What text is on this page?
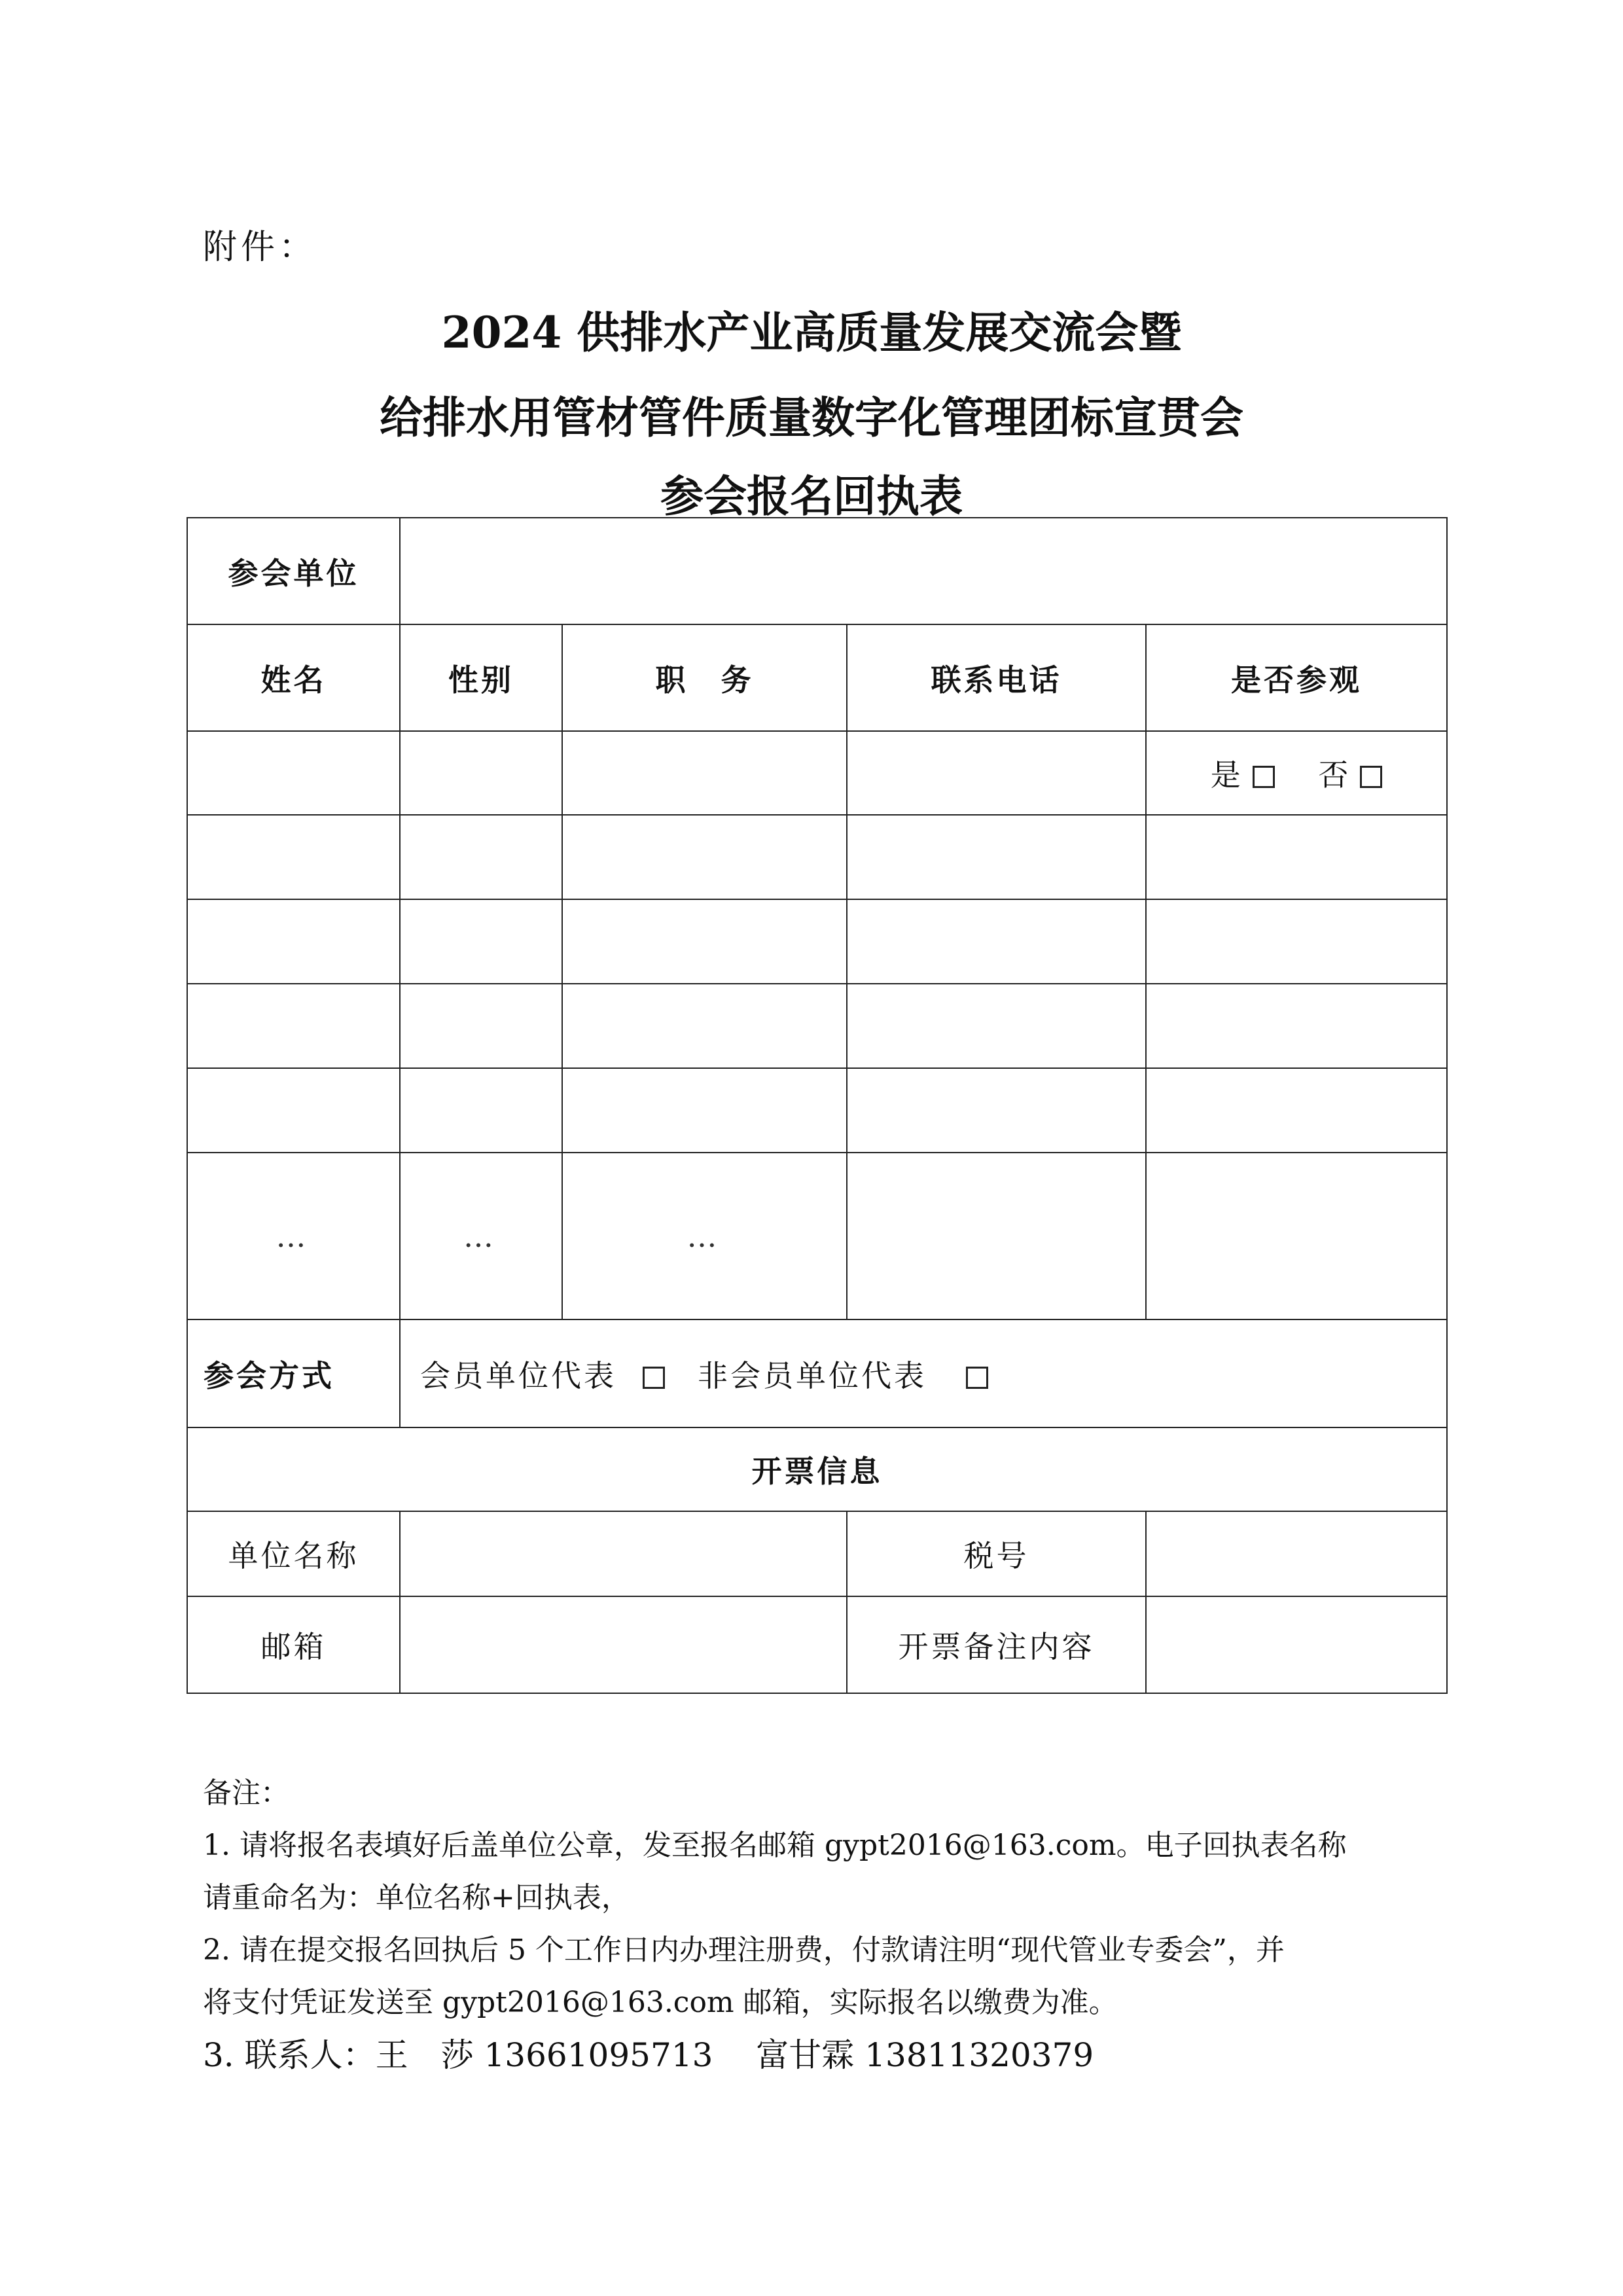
附件：
2024 供排水产业高质量发展交流会暨
给排水用管材管件质量数字化管理团标宣贯会
参会报名回执表
参会单位				
姓名	性别	职　务	联系电话	是否参观
				是 否

…	…	…		
参会方式	会员单位代表 非会员单位代表			
开票信息				
单位名称			税号	
邮箱			开票备注内容	
备注：
1. 请将报名表填好后盖单位公章，发至报名邮箱 gypt2016@163.com。电子回执表名称
请重命名为：单位名称+回执表，
2. 请在提交报名回执后 5 个工作日内办理注册费，付款请注明“现代管业专委会”，并
将支付凭证发送至 gypt2016@163.com 邮箱，实际报名以缴费为准。
3. 联系人：王　莎 13661095713　 富甘霖 13811320379
